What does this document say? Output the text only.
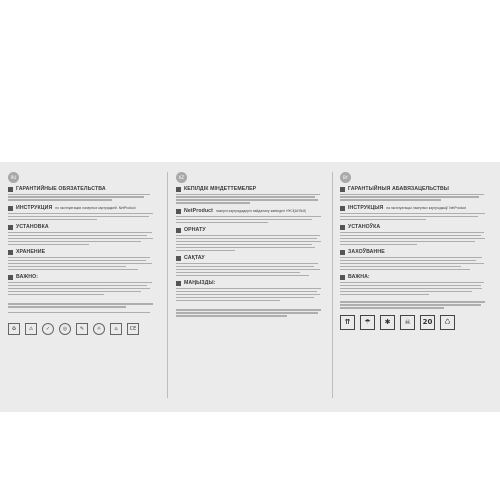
RU
ГАРАНТИЙНЫЕ ОБЯЗАТЕЛЬСТВА
ИНСТРУКЦИЯ по эксплуатации лазерных картриджей. NetProduct
УСТАНОВКА
ХРАНЕНИЕ
ВАЖНО:
♻	⚠	✓	◎	✎	☼	⌂	CE
KZ
КЕПІЛДІК МІНДЕТТЕМЕЛЕР
NetProduct лазерлі картридждерін пайдалану жөніндегі НҰСҚАУЛЫҚ
ОРНАТУ
САҚТАУ
МАҢЫЗДЫ:
BY
ГАРАНТЫЙНЫЯ АБАВЯЗАЦЕЛЬСТВЫ
ІНСТРУКЦЫЯ па эксплуатацыі лазерных картрыджаў. NetProduct
УСТАНОЎКА
ЗАХОЎВАННЕ
ВАЖНА:
⇈	☂	✱	☠	20	♺
